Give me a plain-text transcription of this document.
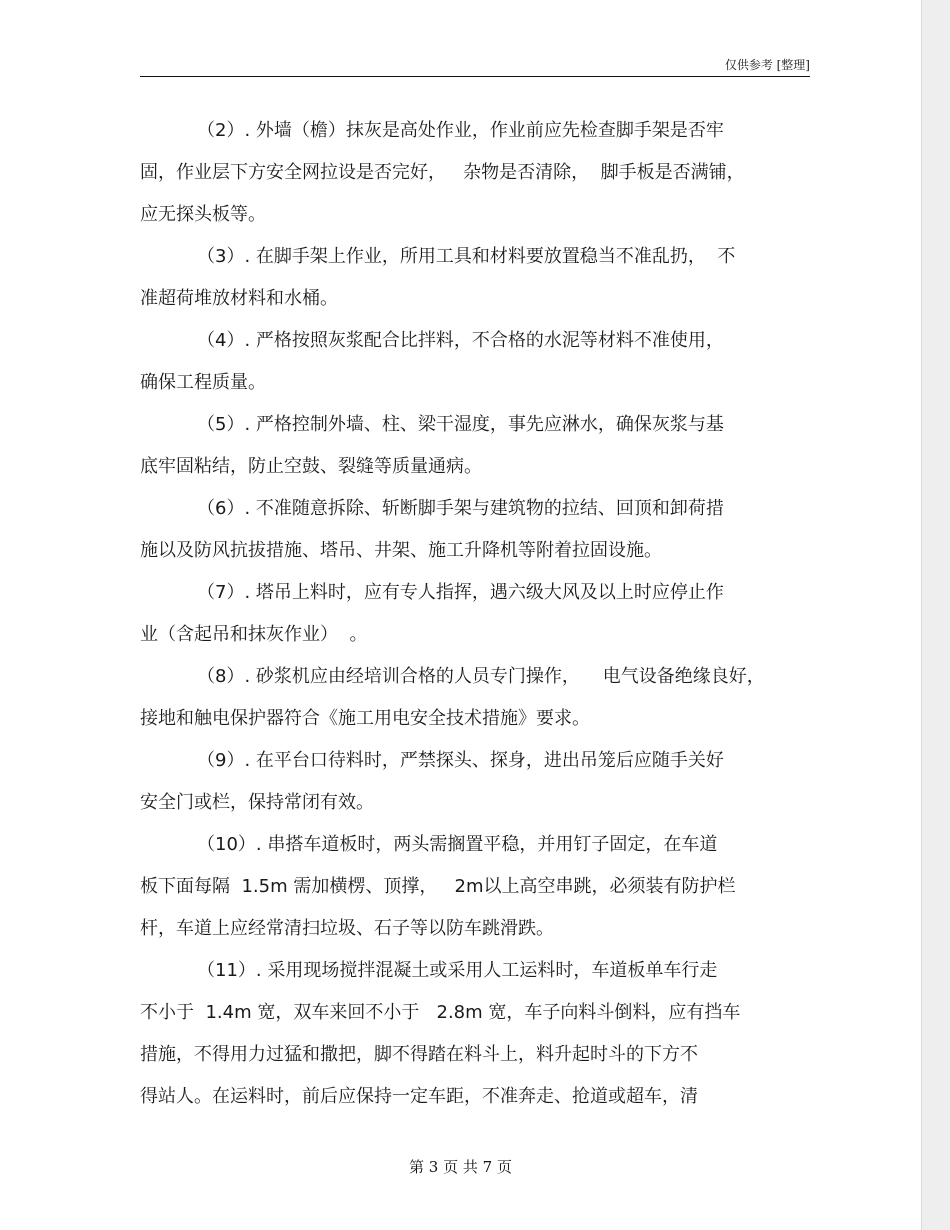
仅供参考 [整理]
（2）. 外墙（檐）抹灰是高处作业，作业前应先检查脚手架是否牢
固，作业层下方安全网拉设是否完好，   杂物是否清除，  脚手板是否满铺，
应无探头板等。
（3）. 在脚手架上作业，所用工具和材料要放置稳当不准乱扔，  不
准超荷堆放材料和水桶。
（4）. 严格按照灰浆配合比拌料，不合格的水泥等材料不准使用，
确保工程质量。
（5）. 严格控制外墙、柱、梁干湿度，事先应淋水，确保灰浆与基
底牢固粘结，防止空鼓、裂缝等质量通病。
（6）. 不准随意拆除、斩断脚手架与建筑物的拉结、回顶和卸荷措
施以及防风抗拔措施、塔吊、井架、施工升降机等附着拉固设施。
（7）. 塔吊上料时，应有专人指挥，遇六级大风及以上时应停止作
业（含起吊和抹灰作业）  。
（8）. 砂浆机应由经培训合格的人员专门操作，    电气设备绝缘良好，
接地和触电保护器符合《施工用电安全技术措施》要求。
（9）. 在平台口待料时，严禁探头、探身，进出吊笼后应随手关好
安全门或栏，保持常闭有效。
（10）. 串搭车道板时，两头需搁置平稳，并用钉子固定，在车道
板下面每隔  1.5m 需加横楞、顶撑，   2m以上高空串跳，必须装有防护栏
杆，车道上应经常清扫垃圾、石子等以防车跳滑跌。
（11）. 采用现场搅拌混凝土或采用人工运料时，车道板单车行走
不小于  1.4m 宽，双车来回不小于   2.8m 宽，车子向料斗倒料，应有挡车
措施，不得用力过猛和撒把，脚不得踏在料斗上，料升起时斗的下方不
得站人。在运料时，前后应保持一定车距，不准奔走、抢道或超车，清
第 3 页 共 7 页
